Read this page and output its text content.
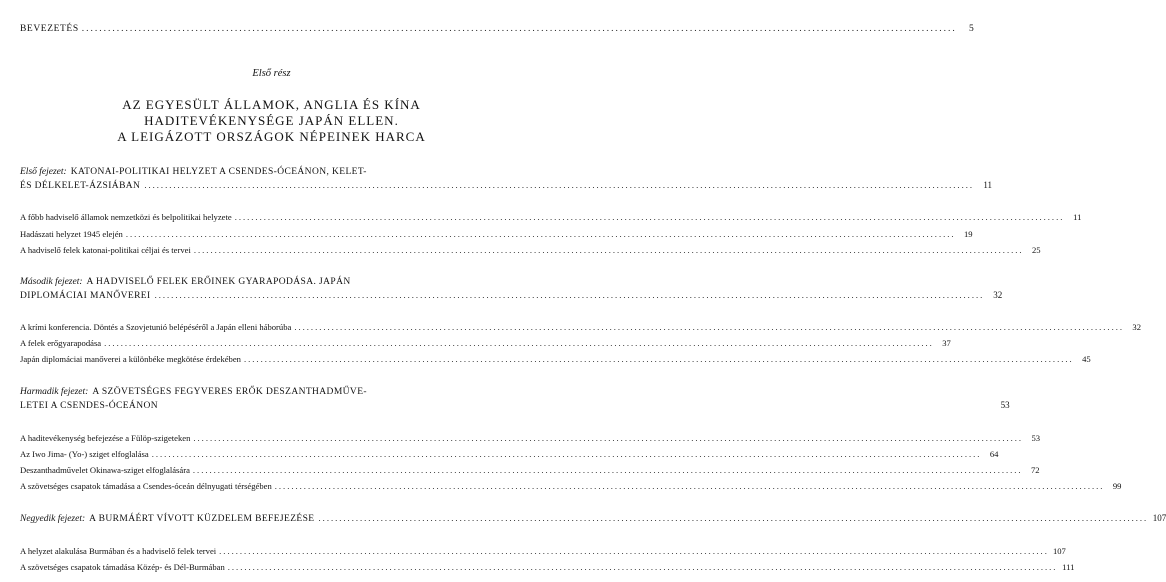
BEVEZETÉS ........................................................................................................................................................................................................	5
Első rész
AZ EGYESÜLT ÁLLAMOK, ANGLIA ÉS KÍNA
HADITEVÉKENYSÉGE JAPÁN ELLEN.
A LEIGÁZOTT ORSZÁGOK NÉPEINEK HARCA
Első fejezet: KATONAI-POLITIKAI HELYZET A CSENDES-ÓCEÁNON, KELET-
ÉS DÉLKELET-ÁZSIÁBAN ........................................................................................................................................................................................................	11
A főbb hadviselő államok nemzetközi és belpolitikai helyzete ........................................................................................................................................................................................................	11
Hadászati helyzet 1945 elején ........................................................................................................................................................................................................ 19
A hadviselő felek katonai-politikai céljai és tervei ........................................................................................................................................................................................................ 25
Második fejezet: A HADVISELŐ FELEK ERŐINEK GYARAPODÁSA. JAPÁN
DIPLOMÁCIAI MANŐVEREI ........................................................................................................................................................................................................	32
A krími konferencia. Döntés a Szovjetunió belépéséről a Japán elleni háborúba ........................................................................................................................................................................................................ 32
A felek erőgyarapodása ........................................................................................................................................................................................................ 37
Japán diplomáciai manőverei a különbéke megkötése érdekében ........................................................................................................................................................................................................ 45
Harmadik fejezet: A SZÖVETSÉGES FEGYVERES ERŐK DESZANTHADMŰVE-
LETEI A CSENDES-ÓCEÁNON	53
A haditevékenység befejezése a Fülöp-szigeteken ........................................................................................................................................................................................................ 53
Az Iwo Jima- (Yo-) sziget elfoglalása ........................................................................................................................................................................................................ 64
Deszanthadművelet Okinawa-sziget elfoglalására ........................................................................................................................................................................................................ 72
A szövetséges csapatok támadása a Csendes-óceán délnyugati térségében ........................................................................................................................................................................................................ 99
Negyedik fejezet: A BURMÁÉRT VÍVOTT KÜZDELEM BEFEJEZÉSE ........................................................................................................................................................................................................ 107
A helyzet alakulása Burmában és a hadviselő felek tervei ........................................................................................................................................................................................................ 107
A szövetséges csapatok támadása Közép- és Dél-Burmában ........................................................................................................................................................................................................ 111
